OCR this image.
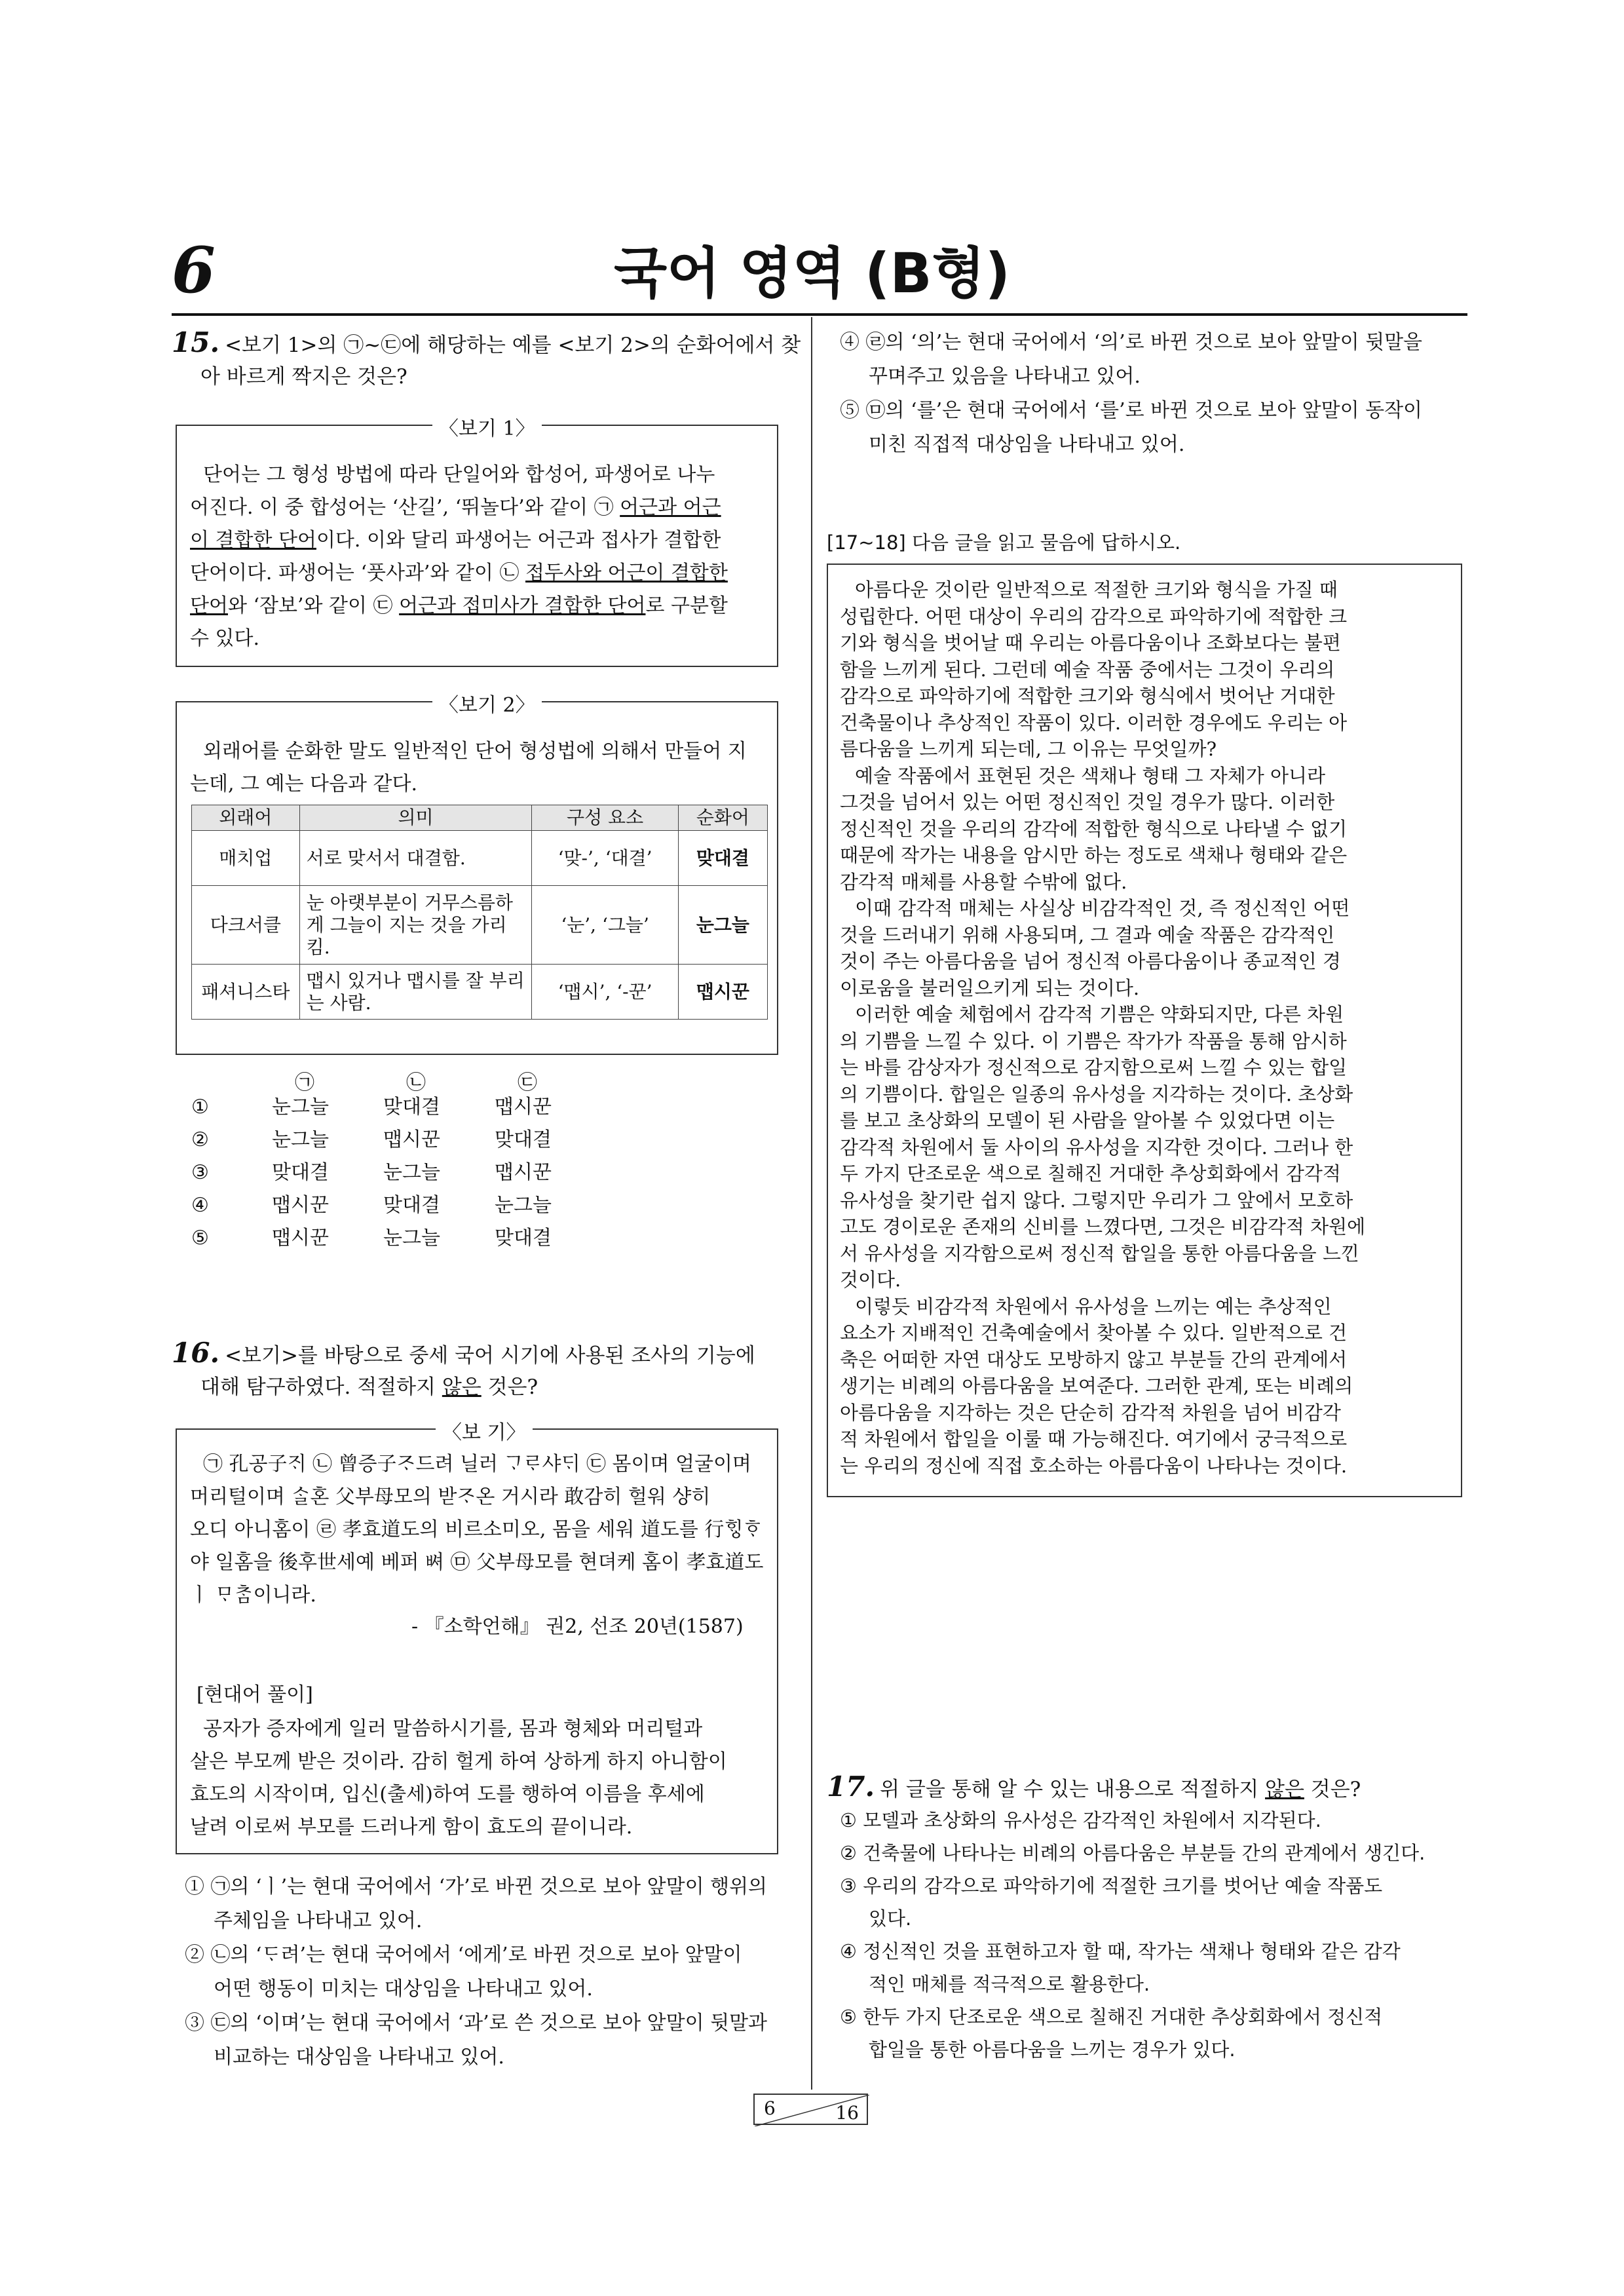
6	국어 영역 (B형)
15. <보기 1>의 ㉠~㉢에 해당하는 예를 <보기 2>의 순화어에서 찾
아 바르게 짝지은 것은?
〈보기 1〉
단어는 그 형성 방법에 따라 단일어와 합성어, 파생어로 나누
어진다. 이 중 합성어는 ‘산길’, ‘뛰놀다’와 같이 ㉠ 어근과 어근
이 결합한 단어이다. 이와 달리 파생어는 어근과 접사가 결합한
단어이다. 파생어는 ‘풋사과’와 같이 ㉡ 접두사와 어근이 결합한
단어와 ‘잠보’와 같이 ㉢ 어근과 접미사가 결합한 단어로 구분할
수 있다.
〈보기 2〉
외래어를 순화한 말도 일반적인 단어 형성법에 의해서 만들어 지
는데, 그 예는 다음과 같다.
외래어	의미	구성 요소	순화어
매치업	서로 맞서서 대결함.	‘맞-’, ‘대결’	맞대결
다크서클	눈 아랫부분이 거무스름하게 그늘이 지는 것을 가리킴.	‘눈’, ‘그늘’	눈그늘
패셔니스타	맵시 있거나 맵시를 잘 부리는 사람.	‘맵시’, ‘-꾼’	맵시꾼
㉠	㉡	㉢
①	눈그늘	맞대결	맵시꾼
②	눈그늘	맵시꾼	맞대결
③	맞대결	눈그늘	맵시꾼
④	맵시꾼	맞대결	눈그늘
⑤	맵시꾼	눈그늘	맞대결
16. <보기>를 바탕으로 중세 국어 시기에 사용된 조사의 기능에
대해 탐구하였다. 적절하지 않은 것은?
〈보 기〉
㉠ 孔공子ᄌᆡ ㉡ 曾증子ᄌᆞ드려 닐러 ᄀᆞᄅᆞ샤ᄃᆡ ㉢ 몸이며 얼굴이며
머리털이며 ᄉᆞᆯ혼 父부母모의 받ᄌᆞ온 거시라 敢감히 헐워 샹히
오디 아니홈이 ㉣ 孝효道도의 비르소미오, 몸을 세워 道도를 行ᄒᆡᇰᄒᆞ
야 일홈을 後후世세예 베퍼 ᄡᅧ ㉤ 父부母모를 현뎌케 홈이 孝효道도
ㅣ ᄆᆞᄎᆞᆷ이니라.
- 『소학언해』 권2, 선조 20년(1587)
[현대어 풀이]
공자가 증자에게 일러 말씀하시기를, 몸과 형체와 머리털과
살은 부모께 받은 것이라. 감히 헐게 하여 상하게 하지 아니함이
효도의 시작이며, 입신(출세)하여 도를 행하여 이름을 후세에
날려 이로써 부모를 드러나게 함이 효도의 끝이니라.
① ㉠의 ‘ㅣ’는 현대 국어에서 ‘가’로 바뀐 것으로 보아 앞말이 행위의
주체임을 나타내고 있어.
② ㉡의 ‘ᄃᆞ려’는 현대 국어에서 ‘에게’로 바뀐 것으로 보아 앞말이
어떤 행동이 미치는 대상임을 나타내고 있어.
③ ㉢의 ‘이며’는 현대 국어에서 ‘과’로 쓴 것으로 보아 앞말이 뒷말과
비교하는 대상임을 나타내고 있어.
④ ㉣의 ‘의’는 현대 국어에서 ‘의’로 바뀐 것으로 보아 앞말이 뒷말을
꾸며주고 있음을 나타내고 있어.
⑤ ㉤의 ‘를’은 현대 국어에서 ‘를’로 바뀐 것으로 보아 앞말이 동작이
미친 직접적 대상임을 나타내고 있어.
[17~18] 다음 글을 읽고 물음에 답하시오.
아름다운 것이란 일반적으로 적절한 크기와 형식을 가질 때
성립한다. 어떤 대상이 우리의 감각으로 파악하기에 적합한 크
기와 형식을 벗어날 때 우리는 아름다움이나 조화보다는 불편
함을 느끼게 된다. 그런데 예술 작품 중에서는 그것이 우리의
감각으로 파악하기에 적합한 크기와 형식에서 벗어난 거대한
건축물이나 추상적인 작품이 있다. 이러한 경우에도 우리는 아
름다움을 느끼게 되는데, 그 이유는 무엇일까?
예술 작품에서 표현된 것은 색채나 형태 그 자체가 아니라
그것을 넘어서 있는 어떤 정신적인 것일 경우가 많다. 이러한
정신적인 것을 우리의 감각에 적합한 형식으로 나타낼 수 없기
때문에 작가는 내용을 암시만 하는 정도로 색채나 형태와 같은
감각적 매체를 사용할 수밖에 없다.
이때 감각적 매체는 사실상 비감각적인 것, 즉 정신적인 어떤
것을 드러내기 위해 사용되며, 그 결과 예술 작품은 감각적인
것이 주는 아름다움을 넘어 정신적 아름다움이나 종교적인 경
이로움을 불러일으키게 되는 것이다.
이러한 예술 체험에서 감각적 기쁨은 약화되지만, 다른 차원
의 기쁨을 느낄 수 있다. 이 기쁨은 작가가 작품을 통해 암시하
는 바를 감상자가 정신적으로 감지함으로써 느낄 수 있는 합일
의 기쁨이다. 합일은 일종의 유사성을 지각하는 것이다. 초상화
를 보고 초상화의 모델이 된 사람을 알아볼 수 있었다면 이는
감각적 차원에서 둘 사이의 유사성을 지각한 것이다. 그러나 한
두 가지 단조로운 색으로 칠해진 거대한 추상회화에서 감각적
유사성을 찾기란 쉽지 않다. 그렇지만 우리가 그 앞에서 모호하
고도 경이로운 존재의 신비를 느꼈다면, 그것은 비감각적 차원에
서 유사성을 지각함으로써 정신적 합일을 통한 아름다움을 느낀
것이다.
이렇듯 비감각적 차원에서 유사성을 느끼는 예는 추상적인
요소가 지배적인 건축예술에서 찾아볼 수 있다. 일반적으로 건
축은 어떠한 자연 대상도 모방하지 않고 부분들 간의 관계에서
생기는 비례의 아름다움을 보여준다. 그러한 관계, 또는 비례의
아름다움을 지각하는 것은 단순히 감각적 차원을 넘어 비감각
적 차원에서 합일을 이룰 때 가능해진다. 여기에서 궁극적으로
는 우리의 정신에 직접 호소하는 아름다움이 나타나는 것이다.
17. 위 글을 통해 알 수 있는 내용으로 적절하지 않은 것은?
① 모델과 초상화의 유사성은 감각적인 차원에서 지각된다.
② 건축물에 나타나는 비례의 아름다움은 부분들 간의 관계에서 생긴다.
③ 우리의 감각으로 파악하기에 적절한 크기를 벗어난 예술 작품도
있다.
④ 정신적인 것을 표현하고자 할 때, 작가는 색채나 형태와 같은 감각
적인 매체를 적극적으로 활용한다.
⑤ 한두 가지 단조로운 색으로 칠해진 거대한 추상회화에서 정신적
합일을 통한 아름다움을 느끼는 경우가 있다.
6	16
